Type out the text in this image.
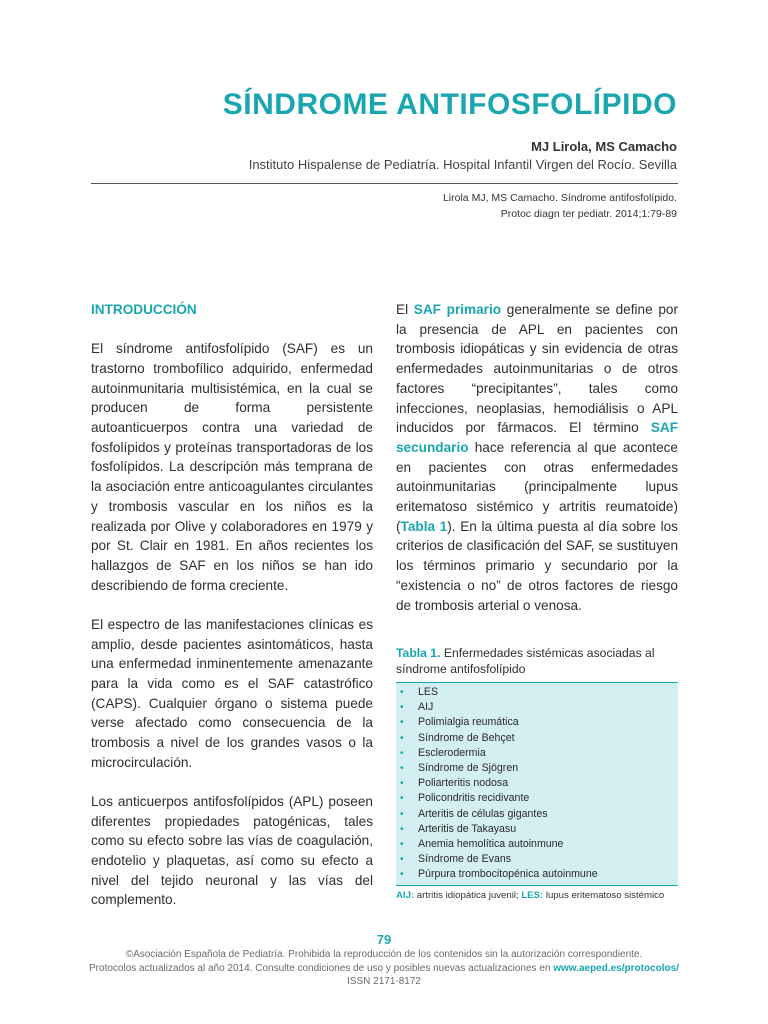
SÍNDROME ANTIFOSFOLÍPIDO
MJ Lirola, MS Camacho
Instituto Hispalense de Pediatría. Hospital Infantil Virgen del Rocío. Sevilla
Lirola MJ, MS Camacho. Síndrome antifosfolípido.
Protoc diagn ter pediatr. 2014;1:79-89
INTRODUCCIÓN

El síndrome antifosfolípido (SAF) es un trastorno trombofílico adquirido, enfermedad autoinmunitaria multisistémica, en la cual se producen de forma persistente autoanticuerpos contra una variedad de fosfolípidos y proteínas transportadoras de los fosfolípidos. La descripción más temprana de la asociación entre anticoagulantes circulantes y trombosis vascular en los niños es la realizada por Olive y colaboradores en 1979 y por St. Clair en 1981. En años recientes los hallazgos de SAF en los niños se han ido describiendo de forma creciente.

El espectro de las manifestaciones clínicas es amplio, desde pacientes asintomáticos, hasta una enfermedad inminentemente amenazante para la vida como es el SAF catastrófico (CAPS). Cualquier órgano o sistema puede verse afectado como consecuencia de la trombosis a nivel de los grandes vasos o la microcirculación.

Los anticuerpos antifosfolípidos (APL) poseen diferentes propiedades patogénicas, tales como su efecto sobre las vías de coagulación, endotelio y plaquetas, así como su efecto a nivel del tejido neuronal y las vías del complemento.

El SAF primario generalmente se define por la presencia de APL en pacientes con trombosis idiopáticas y sin evidencia de otras enfermedades autoinmunitarias o de otros factores “precipitantes”, tales como infecciones, neoplasias, hemodiálisis o APL inducidos por fármacos. El término SAF secundario hace referencia al que acontece en pacientes con otras enfermedades autoinmunitarias (principalmente lupus eritematoso sistémico y artritis reumatoide) (Tabla 1). En la última puesta al día sobre los criterios de clasificación del SAF, se sustituyen los términos primario y secundario por la “existencia o no” de otros factores de riesgo de trombosis arterial o venosa.

Tabla 1. Enfermedades sistémicas asociadas al síndrome antifosfolípido
• LES
• AIJ
• Polimialgia reumática
• Síndrome de Behçet
• Esclerodermia
• Síndrome de Sjögren
• Poliarteritis nodosa
• Policondritis recidivante
• Arteritis de células gigantes
• Arteritis de Takayasu
• Anemia hemolítica autoinmune
• Síndrome de Evans
• Púrpura trombocitopénica autoinmune
AIJ: artritis idiopática juvenil; LES: lupus eritematoso sistémico
79
©Asociación Española de Pediatría. Prohibida la reproducción de los contenidos sin la autorización correspondiente.
Protocolos actualizados al año 2014. Consulte condiciones de uso y posibles nuevas actualizaciones en www.aeped.es/protocolos/
ISSN 2171-8172
